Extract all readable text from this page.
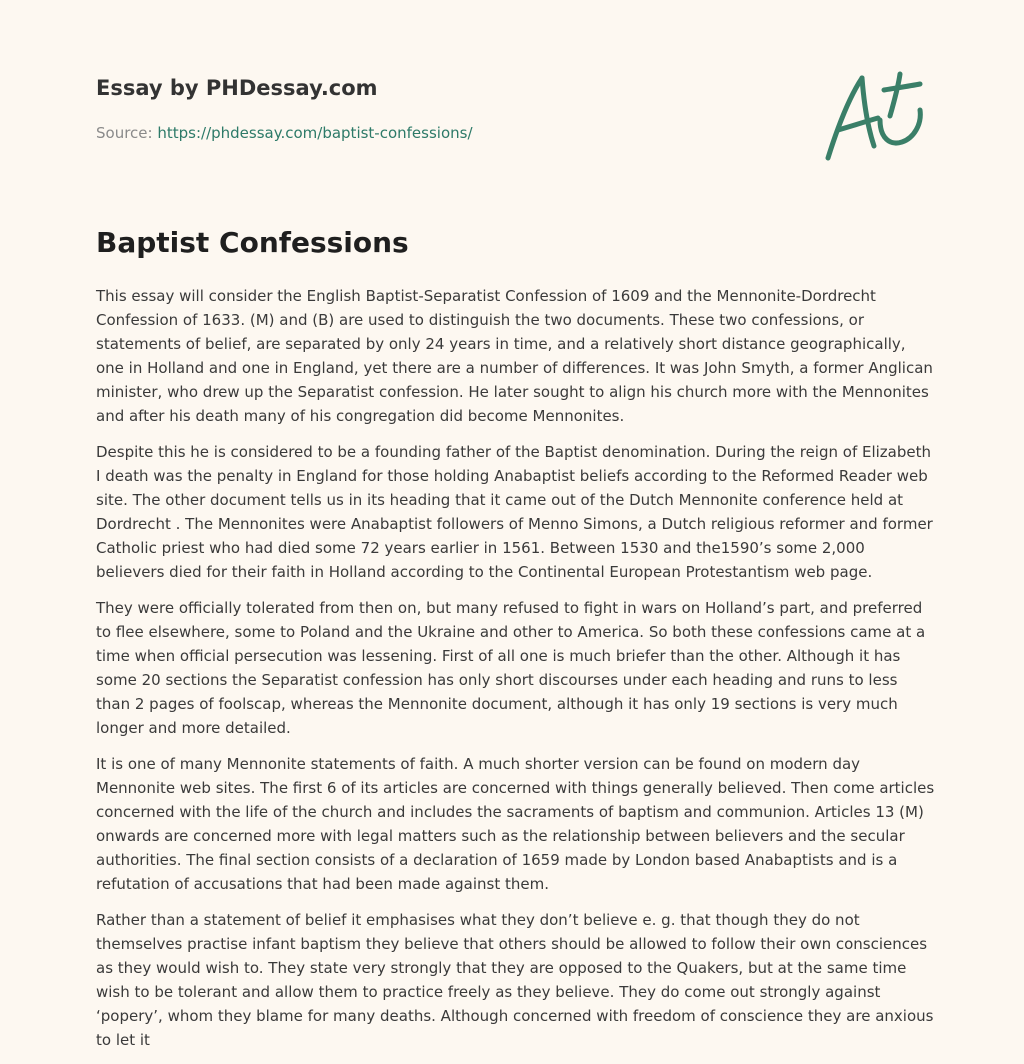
Essay by PHDessay.com

Source: https://phdessay.com/baptist-confessions/

Baptist Confessions

This essay will consider the English Baptist-Separatist Confession of 1609 and the Mennonite-Dordrecht Confession of 1633. (M) and (B) are used to distinguish the two documents. These two confessions, or statements of belief, are separated by only 24 years in time, and a relatively short distance geographically, one in Holland and one in England, yet there are a number of differences. It was John Smyth, a former Anglican minister, who drew up the Separatist confession. He later sought to align his church more with the Mennonites and after his death many of his congregation did become Mennonites.

Despite this he is considered to be a founding father of the Baptist denomination. During the reign of Elizabeth I death was the penalty in England for those holding Anabaptist beliefs according to the Reformed Reader web site. The other document tells us in its heading that it came out of the Dutch Mennonite conference held at Dordrecht . The Mennonites were Anabaptist followers of Menno Simons, a Dutch religious reformer and former Catholic priest who had died some 72 years earlier in 1561. Between 1530 and the1590’s some 2,000 believers died for their faith in Holland according to the Continental European Protestantism web page.

They were officially tolerated from then on, but many refused to fight in wars on Holland’s part, and preferred to flee elsewhere, some to Poland and the Ukraine and other to America. So both these confessions came at a time when official persecution was lessening. First of all one is much briefer than the other. Although it has some 20 sections the Separatist confession has only short discourses under each heading and runs to less than 2 pages of foolscap, whereas the Mennonite document, although it has only 19 sections is very much longer and more detailed.

It is one of many Mennonite statements of faith. A much shorter version can be found on modern day Mennonite web sites. The first 6 of its articles are concerned with things generally believed. Then come articles concerned with the life of the church and includes the sacraments of baptism and communion. Articles 13 (M) onwards are concerned more with legal matters such as the relationship between believers and the secular authorities. The final section consists of a declaration of 1659 made by London based Anabaptists and is a refutation of accusations that had been made against them.

Rather than a statement of belief it emphasises what they don’t believe e. g. that though they do not themselves practise infant baptism they believe that others should be allowed to follow their own consciences as they would wish to. They state very strongly that they are opposed to the Quakers, but at the same time wish to be tolerant and allow them to practice freely as they believe. They do come out strongly against ‘popery’, whom they blame for many deaths. Although concerned with freedom of conscience they are anxious to let it
